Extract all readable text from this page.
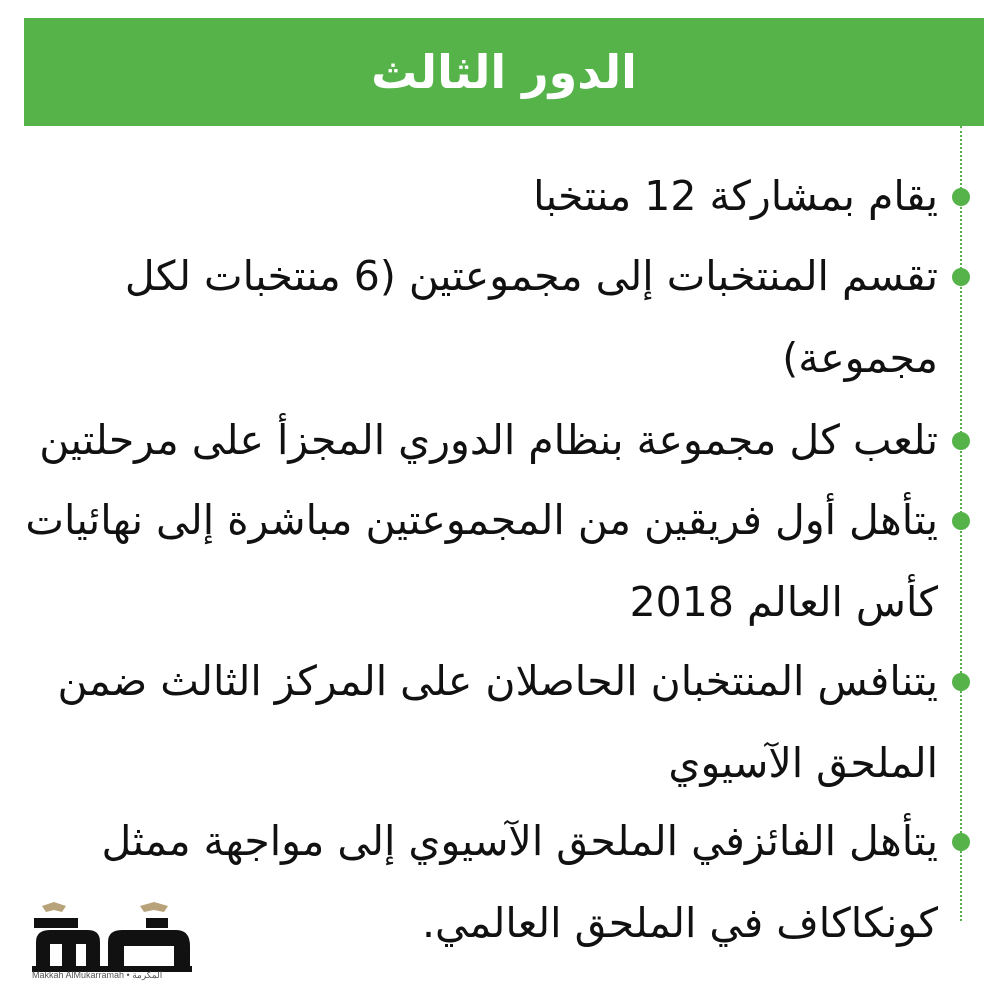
الدور الثالث
يقام بمشاركة 12 منتخبا
تقسم المنتخبات إلى مجموعتين (6 منتخبات لكل مجموعة)
تلعب كل مجموعة بنظام الدوري المجزأ على مرحلتين
يتأهل أول فريقين من المجموعتين مباشرة إلى نهائيات كأس العالم 2018
يتنافس المنتخبان الحاصلان على المركز الثالث ضمن الملحق الآسيوي
يتأهل الفائزفي الملحق الآسيوي إلى مواجهة ممثل كونكاكاف في الملحق العالمي.
Makkah AlMukarramah • المكرمة
